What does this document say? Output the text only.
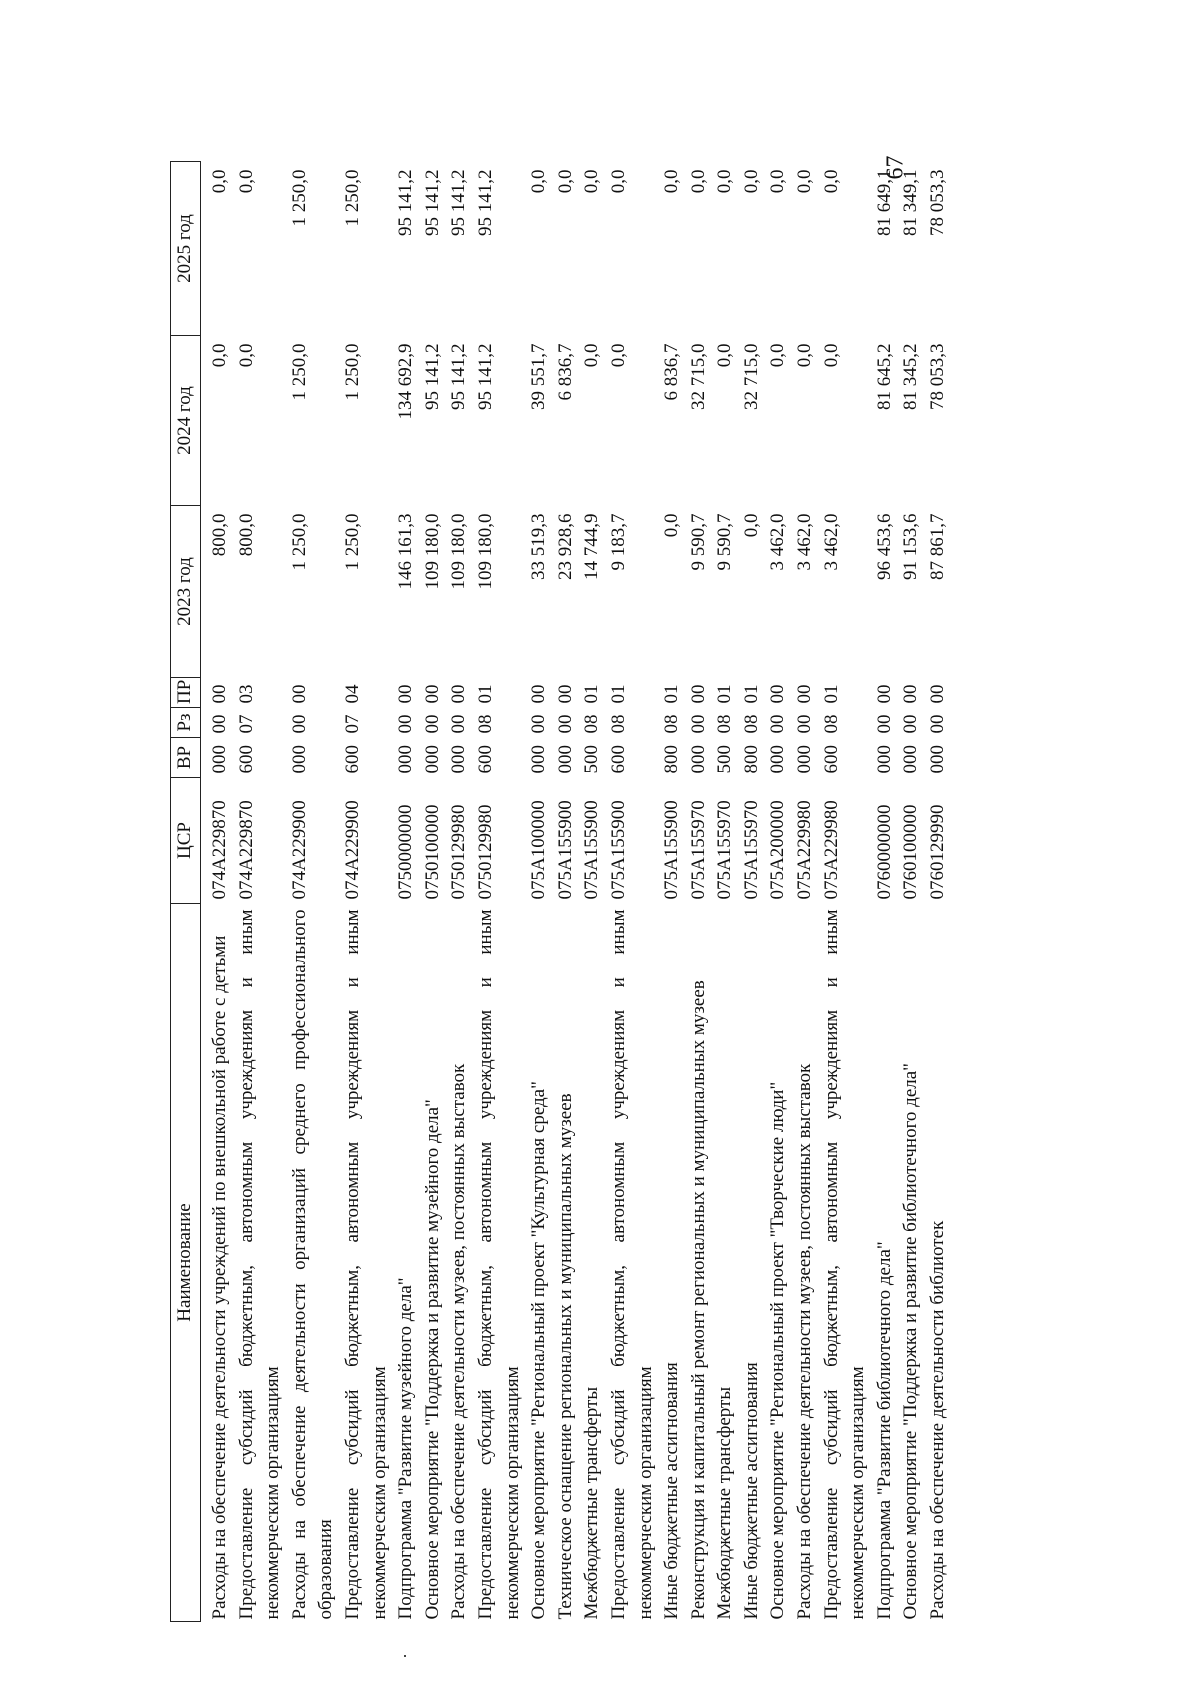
67
Наименование	ЦСР	ВР	Рз	ПР	2023 год	2024 год	2025 год

Расходы на обеспечение деятельности учреждений по внешкольной работе с детьми	074А229870	000	00	00	800,0	0,0	0,0
Предоставление субсидий бюджетным, автономным учреждениям и иным некоммерческим организациям	074А229870	600	07	03	800,0	0,0	0,0
Расходы на обеспечение деятельности организаций среднего профессионального образования	074А229900	000	00	00	1 250,0	1 250,0	1 250,0
Предоставление субсидий бюджетным, автономным учреждениям и иным некоммерческим организациям	074А229900	600	07	04	1 250,0	1 250,0	1 250,0
Подпрограмма "Развитие музейного дела"	0750000000	000	00	00	146 161,3	134 692,9	95 141,2
Основное мероприятие "Поддержка и развитие музейного дела"	0750100000	000	00	00	109 180,0	95 141,2	95 141,2
Расходы на обеспечение деятельности музеев, постоянных выставок	0750129980	000	00	00	109 180,0	95 141,2	95 141,2
Предоставление субсидий бюджетным, автономным учреждениям и иным некоммерческим организациям	0750129980	600	08	01	109 180,0	95 141,2	95 141,2
Основное мероприятие "Региональный проект "Культурная среда"	075А100000	000	00	00	33 519,3	39 551,7	0,0
Техническое оснащение региональных и муниципальных музеев	075А155900	000	00	00	23 928,6	6 836,7	0,0
Межбюджетные трансферты	075А155900	500	08	01	14 744,9	0,0	0,0
Предоставление субсидий бюджетным, автономным учреждениям и иным некоммерческим организациям	075А155900	600	08	01	9 183,7	0,0	0,0
Иные бюджетные ассигнования	075А155900	800	08	01	0,0	6 836,7	0,0
Реконструкция и капитальный ремонт региональных и муниципальных музеев	075А155970	000	00	00	9 590,7	32 715,0	0,0
Межбюджетные трансферты	075А155970	500	08	01	9 590,7	0,0	0,0
Иные бюджетные ассигнования	075А155970	800	08	01	0,0	32 715,0	0,0
Основное мероприятие "Региональный проект "Творческие люди"	075А200000	000	00	00	3 462,0	0,0	0,0
Расходы на обеспечение деятельности музеев, постоянных выставок	075А229980	000	00	00	3 462,0	0,0	0,0
Предоставление субсидий бюджетным, автономным учреждениям и иным некоммерческим организациям	075А229980	600	08	01	3 462,0	0,0	0,0
Подпрограмма "Развитие библиотечного дела"	0760000000	000	00	00	96 453,6	81 645,2	81 649,1
Основное мероприятие "Поддержка и развитие библиотечного дела"	0760100000	000	00	00	91 153,6	81 345,2	81 349,1
Расходы на обеспечение деятельности библиотек	0760129990	000	00	00	87 861,7	78 053,3	78 053,3
